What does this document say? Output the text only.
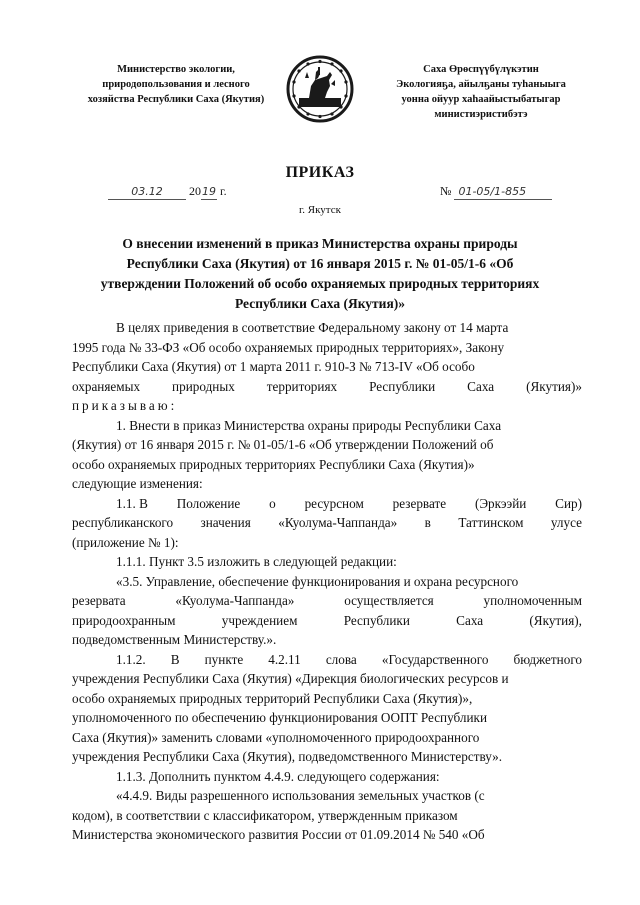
Министерство экологии,
природопользования и лесного
хозяйства Республики Саха (Якутия)
Саха Өрөспүүбүлүкэтин
Экологияҕа, айылҕаны туһаныыга
уонна ойуур хаһаайыстыбатыгар
министиэристибэтэ
ПРИКАЗ
03.12 2019 г.	№ 01-05/1-855
г. Якутск
О внесении изменений в приказ Министерства охраны природы
Республики Саха (Якутия) от 16 января 2015 г. № 01-05/1-6 «Об
утверждении Положений об особо охраняемых природных территориях
Республики Саха (Якутия)»
В целях приведения в соответствие Федеральному закону от 14 марта
1995 года № 33-ФЗ «Об особо охраняемых природных территориях», Закону
Республики Саха (Якутия) от 1 марта 2011 г. 910-З № 713-IV «Об особо
охраняемых природных территориях Республики Саха (Якутия)»
приказываю:
1. Внести в приказ Министерства охраны природы Республики Саха
(Якутия) от 16 января 2015 г. № 01-05/1-6 «Об утверждении Положений об
особо охраняемых природных территориях Республики Саха (Якутия)»
следующие изменения:
1.1. В Положение о ресурсном резервате (Эркээйи Сир)
республиканского значения «Куолума-Чаппанда» в Таттинском улусе
(приложение № 1):
1.1.1. Пункт 3.5 изложить в следующей редакции:
«3.5. Управление, обеспечение функционирования и охрана ресурсного
резервата	«Куолума-Чаппанда»	осуществляется	уполномоченным
природоохранным	учреждением	Республики	Саха	(Якутия),
подведомственным Министерству.».
1.1.2. В пункте 4.2.11 слова «Государственного бюджетного
учреждения Республики Саха (Якутия) «Дирекция биологических ресурсов и
особо охраняемых природных территорий Республики Саха (Якутия)»,
уполномоченного по обеспечению функционирования ООПТ Республики
Саха (Якутия)» заменить словами «уполномоченного природоохранного
учреждения Республики Саха (Якутия), подведомственного Министерству».
1.1.3. Дополнить пунктом 4.4.9. следующего содержания:
«4.4.9. Виды разрешенного использования земельных участков (с
кодом), в соответствии с классификатором, утвержденным приказом
Министерства экономического развития России от 01.09.2014 № 540 «Об
